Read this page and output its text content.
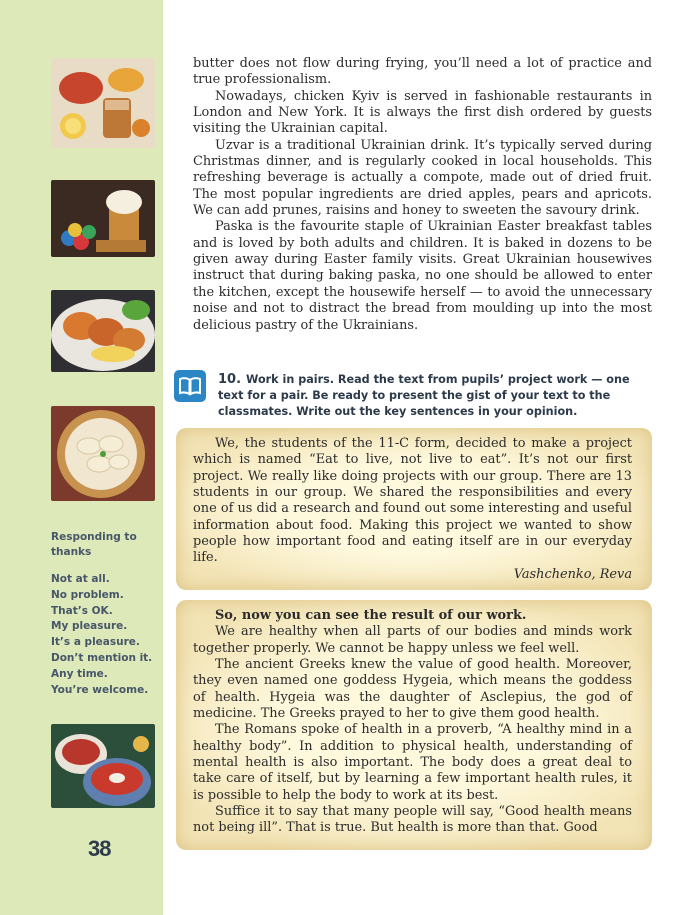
Responding to thanks
Not at all.
No problem.
That’s OK.
My pleasure.
It’s a pleasure.
Don’t mention it.
Any time.
You’re welcome.
38

butter does not flow during frying, you’ll need a lot of practice and true professionalism.

Nowadays, chicken Kyiv is served in fashionable restaurants in London and New York. It is always the first dish ordered by guests visiting the Ukrainian capital.

Uzvar is a traditional Ukrainian drink. It’s typically served during Christmas dinner, and is regularly cooked in local households. This refreshing beverage is actually a compote, made out of dried fruit. The most popular ingredients are dried apples, pears and apricots. We can add prunes, raisins and honey to sweeten the savoury drink.

Paska is the favourite staple of Ukrainian Easter breakfast tables and is loved by both adults and children. It is baked in dozens to be given away during Easter family visits. Great Ukrainian housewives instruct that during baking paska, no one should be allowed to enter the kitchen, except the housewife herself — to avoid the unnecessary noise and not to distract the bread from moulding up into the most delicious pastry of the Ukrainians.

10. Work in pairs. Read the text from pupils’ project work — one text for a pair. Be ready to present the gist of your text to the classmates. Write out the key sentences in your opinion.

We, the students of the 11-C form, decided to make a project which is named “Eat to live, not live to eat”. It’s not our first project. We really like doing projects with our group. There are 13 students in our group. We shared the responsibilities and every one of us did a research and found out some interesting and useful information about food. Making this project we wanted to show people how important food and eating itself are in our everyday life.

Vashchenko, Reva

So, now you can see the result of our work.

We are healthy when all parts of our bodies and minds work together properly. We cannot be happy unless we feel well.

The ancient Greeks knew the value of good health. Moreover, they even named one goddess Hygeia, which means the goddess of health. Hygeia was the daughter of Asclepius, the god of medicine. The Greeks prayed to her to give them good health.

The Romans spoke of health in a proverb, “A healthy mind in a healthy body”. In addition to physical health, understanding of mental health is also important. The body does a great deal to take care of itself, but by learning a few important health rules, it is possible to help the body to work at its best.

Suffice it to say that many people will say, “Good health means not being ill”. That is true. But health is more than that. Good
